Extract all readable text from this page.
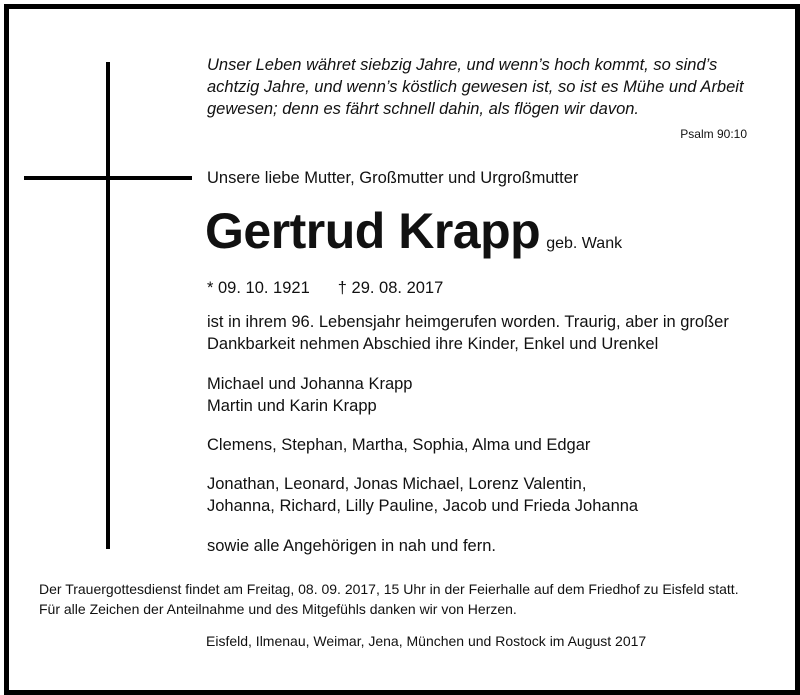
Unser Leben währet siebzig Jahre, und wenn’s hoch kommt, so sind’s
achtzig Jahre, und wenn’s köstlich gewesen ist, so ist es Mühe und Arbeit
gewesen; denn es fährt schnell dahin, als flögen wir davon.
Psalm 90:10
Unsere liebe Mutter, Großmutter und Urgroßmutter
Gertrud Krapp geb. Wank
* 09. 10. 1921 † 29. 08. 2017
ist in ihrem 96. Lebensjahr heimgerufen worden. Traurig, aber in großer
Dankbarkeit nehmen Abschied ihre Kinder, Enkel und Urenkel
Michael und Johanna Krapp
Martin und Karin Krapp
Clemens, Stephan, Martha, Sophia, Alma und Edgar
Jonathan, Leonard, Jonas Michael, Lorenz Valentin,
Johanna, Richard, Lilly Pauline, Jacob und Frieda Johanna
sowie alle Angehörigen in nah und fern.
Der Trauergottesdienst findet am Freitag, 08. 09. 2017, 15 Uhr in der Feierhalle auf dem Friedhof zu Eisfeld statt.
Für alle Zeichen der Anteilnahme und des Mitgefühls danken wir von Herzen.
Eisfeld, Ilmenau, Weimar, Jena, München und Rostock im August 2017
